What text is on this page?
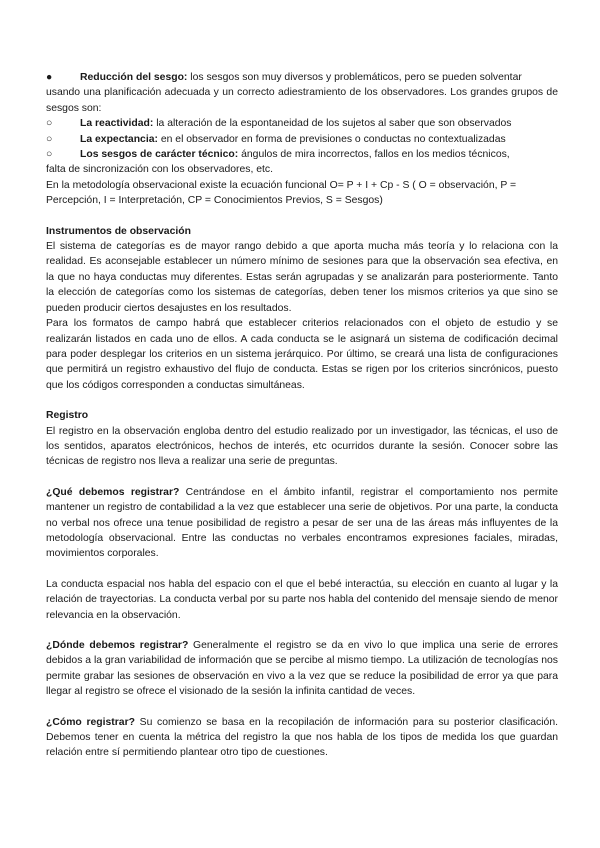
●	Reducción del sesgo: los sesgos son muy diversos y problemáticos, pero se pueden solventar

usando una planificación adecuada y un correcto adiestramiento de los observadores. Los grandes grupos de sesgos son:

○	La reactividad: la alteración de la espontaneidad de los sujetos al saber que son observados
○	La expectancia: en el observador en forma de previsiones o conductas no contextualizadas
○	Los sesgos de carácter técnico: ángulos de mira incorrectos, fallos en los medios técnicos,

falta de sincronización con los observadores, etc.

En la metodología observacional existe la ecuación funcional O= P + I + Cp - S ( O = observación, P = Percepción, I = Interpretación, CP = Conocimientos Previos, S = Sesgos)

Instrumentos de observación

El sistema de categorías es de mayor rango debido a que aporta mucha más teoría y lo relaciona con la realidad. Es aconsejable establecer un número mínimo de sesiones para que la observación sea efectiva, en la que no haya conductas muy diferentes. Estas serán agrupadas y se analizarán para posteriormente. Tanto la elección de categorías como los sistemas de categorías, deben tener los mismos criterios ya que sino se pueden producir ciertos desajustes en los resultados.

Para los formatos de campo habrá que establecer criterios relacionados con el objeto de estudio y se realizarán listados en cada uno de ellos. A cada conducta se le asignará un sistema de codificación decimal para poder desplegar los criterios en un sistema jerárquico. Por último, se creará una lista de configuraciones que permitirá un registro exhaustivo del flujo de conducta. Estas se rigen por los criterios sincrónicos, puesto que los códigos corresponden a conductas simultáneas.

Registro

El registro en la observación engloba dentro del estudio realizado por un investigador, las técnicas, el uso de los sentidos, aparatos electrónicos, hechos de interés, etc ocurridos durante la sesión. Conocer sobre las técnicas de registro nos lleva a realizar una serie de preguntas.

¿Qué debemos registrar? Centrándose en el ámbito infantil, registrar el comportamiento nos permite mantener un registro de contabilidad a la vez que establecer una serie de objetivos. Por una parte, la conducta no verbal nos ofrece una tenue posibilidad de registro a pesar de ser una de las áreas más influyentes de la metodología observacional. Entre las conductas no verbales encontramos expresiones faciales, miradas, movimientos corporales.

La conducta espacial nos habla del espacio con el que el bebé interactúa, su elección en cuanto al lugar y la relación de trayectorias. La conducta verbal por su parte nos habla del contenido del mensaje siendo de menor relevancia en la observación.

¿Dónde debemos registrar? Generalmente el registro se da en vivo lo que implica una serie de errores debidos a la gran variabilidad de información que se percibe al mismo tiempo. La utilización de tecnologías nos permite grabar las sesiones de observación en vivo a la vez que se reduce la posibilidad de error ya que para llegar al registro se ofrece el visionado de la sesión la infinita cantidad de veces.

¿Cómo registrar? Su comienzo se basa en la recopilación de información para su posterior clasificación. Debemos tener en cuenta la métrica del registro la que nos habla de los tipos de medida los que guardan relación entre sí permitiendo plantear otro tipo de cuestiones.
